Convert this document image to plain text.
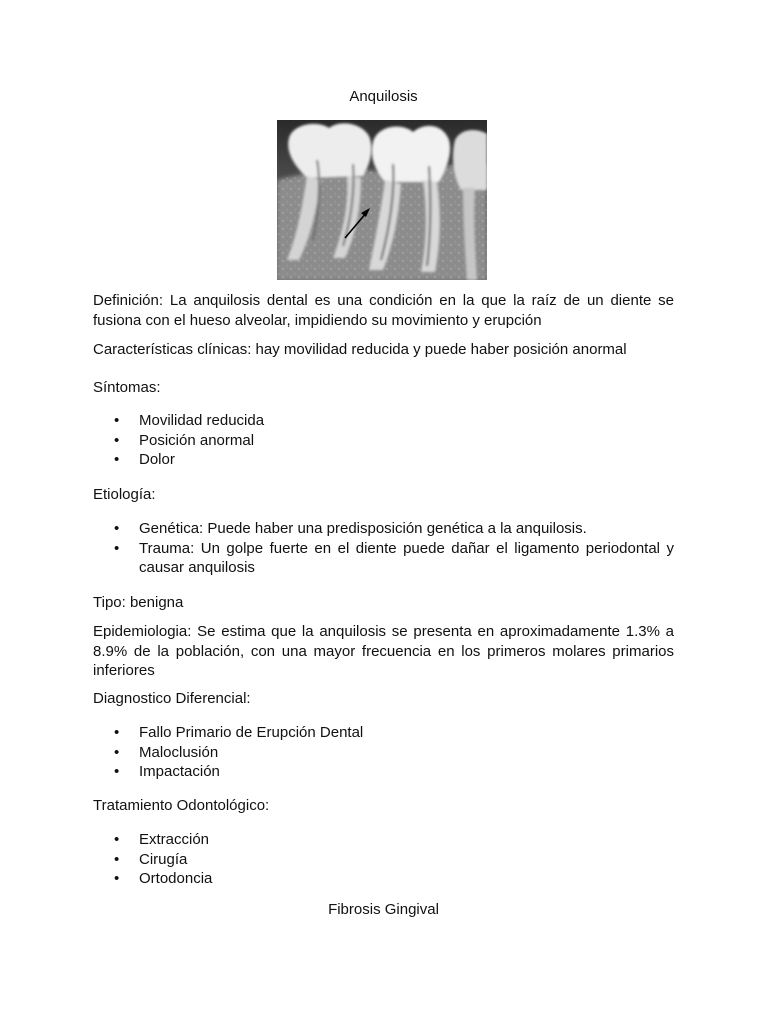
Anquilosis

Definición: La anquilosis dental es una condición en la que la raíz de un diente se fusiona con el hueso alveolar, impidiendo su movimiento y erupción

Características clínicas: hay movilidad reducida y puede haber posición anormal

Síntomas:

• Movilidad reducida
• Posición anormal
• Dolor

Etiología:

• Genética: Puede haber una predisposición genética a la anquilosis.
• Trauma: Un golpe fuerte en el diente puede dañar el ligamento periodontal y causar anquilosis

Tipo: benigna

Epidemiologia: Se estima que la anquilosis se presenta en aproximadamente 1.3% a 8.9% de la población, con una mayor frecuencia en los primeros molares primarios inferiores

Diagnostico Diferencial:

• Fallo Primario de Erupción Dental
• Maloclusión
• Impactación

Tratamiento Odontológico:

• Extracción
• Cirugía
• Ortodoncia
Fibrosis Gingival
